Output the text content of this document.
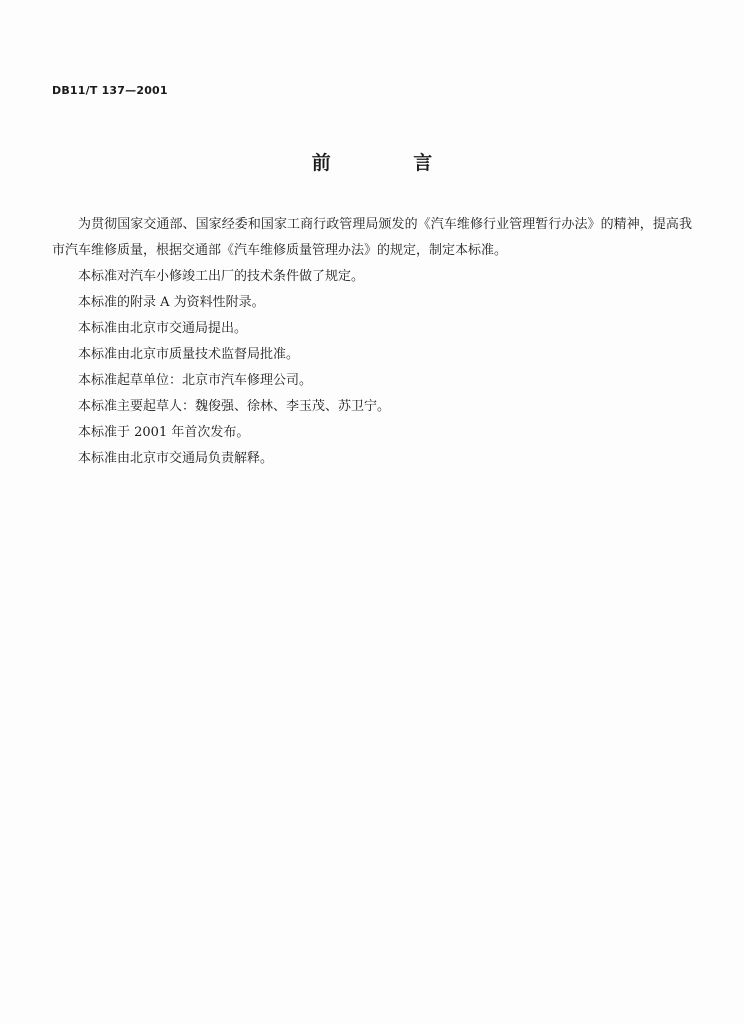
DB11/T 137—2001
前 言

为贯彻国家交通部、国家经委和国家工商行政管理局颁发的《汽车维修行业管理暂行办法》的精神，提高我市汽车维修质量，根据交通部《汽车维修质量管理办法》的规定，制定本标准。

本标准对汽车小修竣工出厂的技术条件做了规定。

本标准的附录 A 为资料性附录。

本标准由北京市交通局提出。

本标准由北京市质量技术监督局批准。

本标准起草单位：北京市汽车修理公司。

本标准主要起草人：魏俊强、徐林、李玉茂、苏卫宁。

本标准于 2001 年首次发布。

本标准由北京市交通局负责解释。
